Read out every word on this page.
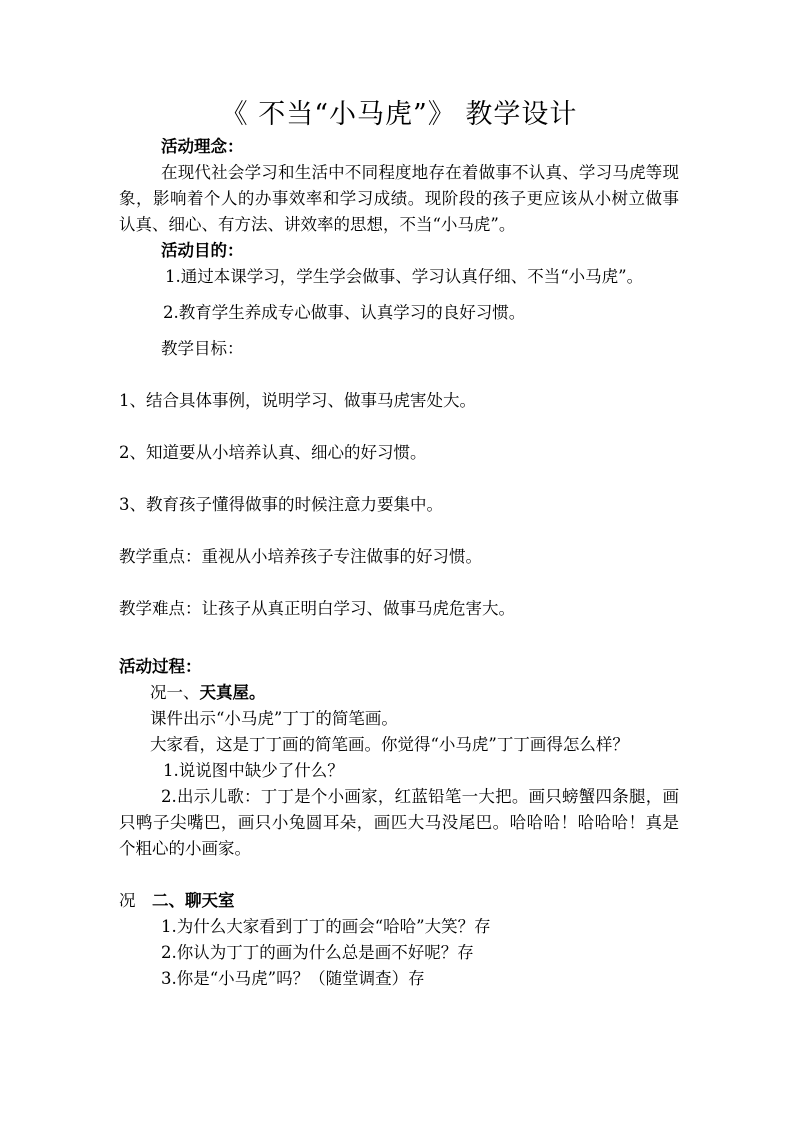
《 不当“小马虎”》 教学设计

活动理念：

在现代社会学习和生活中不同程度地存在着做事不认真、学习马虎等现象，影响着个人的办事效率和学习成绩。现阶段的孩子更应该从小树立做事认真、细心、有方法、讲效率的思想，不当“小马虎”。

活动目的：

1.通过本课学习，学生学会做事、学习认真仔细、不当“小马虎”。

2.教育学生养成专心做事、认真学习的良好习惯。

教学目标：

1、结合具体事例，说明学习、做事马虎害处大。

2、知道要从小培养认真、细心的好习惯。

3、教育孩子懂得做事的时候注意力要集中。

教学重点：重视从小培养孩子专注做事的好习惯。

教学难点：让孩子从真正明白学习、做事马虎危害大。

活动过程：

况一、天真屋。

课件出示“小马虎”丁丁的简笔画。

大家看，这是丁丁画的简笔画。你觉得“小马虎”丁丁画得怎么样？

1.说说图中缺少了什么？

2.出示儿歌：丁丁是个小画家，红蓝铅笔一大把。画只螃蟹四条腿，画只鸭子尖嘴巴，画只小兔圆耳朵，画匹大马没尾巴。哈哈哈！哈哈哈！真是个粗心的小画家。

况　二、聊天室

1.为什么大家看到丁丁的画会“哈哈”大笑？存

2.你认为丁丁的画为什么总是画不好呢？存

3.你是“小马虎”吗？（随堂调查）存
